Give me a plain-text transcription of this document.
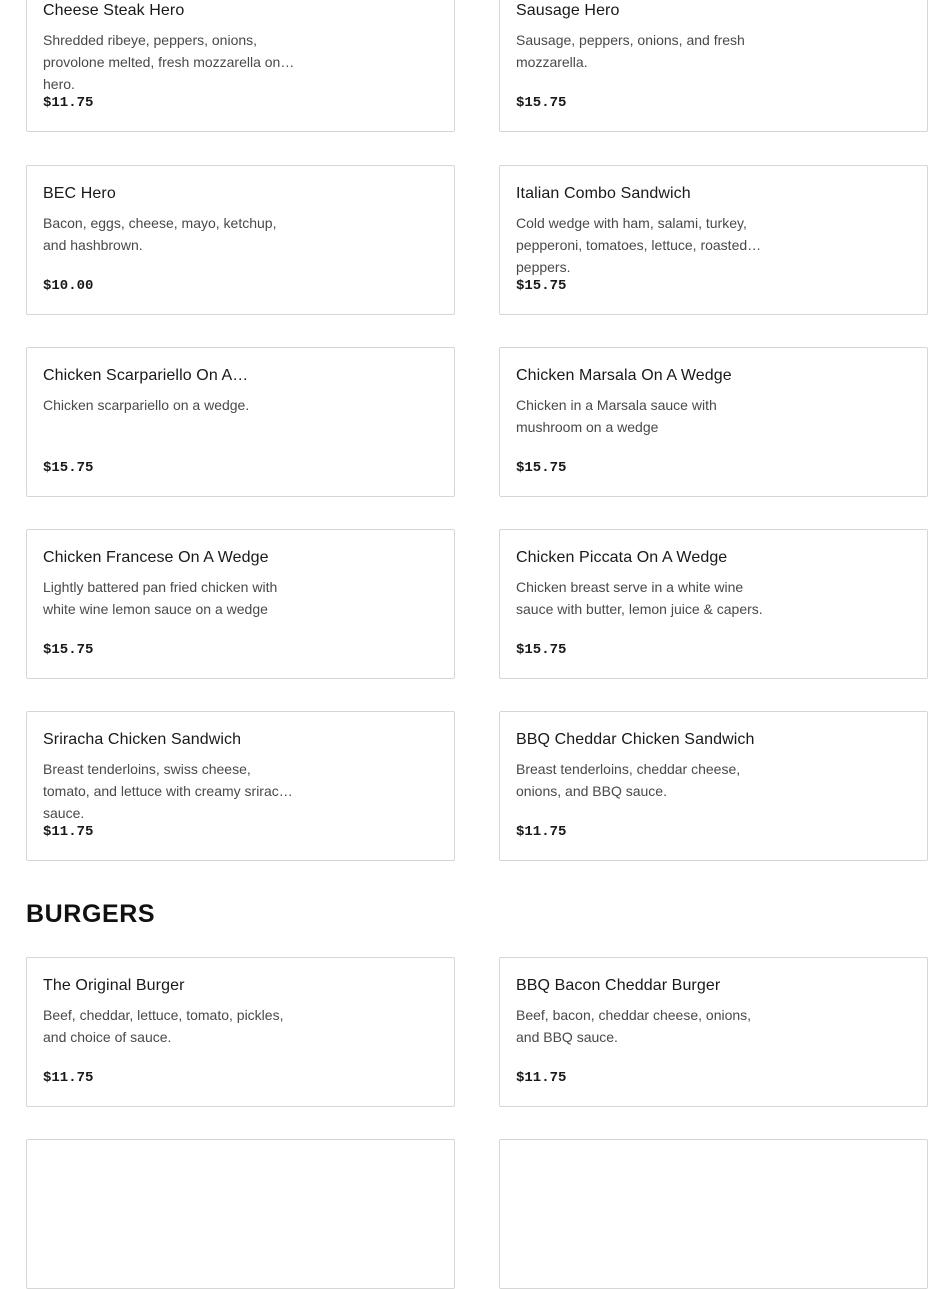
Cheese Steak Hero
Shredded ribeye, peppers, onions, provolone melted, fresh mozzarella on a hero.
$11.75
Sausage Hero
Sausage, peppers, onions, and fresh mozzarella.
$15.75
BEC Hero
Bacon, eggs, cheese, mayo, ketchup, and hashbrown.
$10.00
Italian Combo Sandwich
Cold wedge with ham, salami, turkey, pepperoni, tomatoes, lettuce, roasted peppers.
$15.75
Chicken Scarpariello On A…
Chicken scarpariello on a wedge.
$15.75
Chicken Marsala On A Wedge
Chicken in a Marsala sauce with mushroom on a wedge
$15.75
Chicken Francese On A Wedge
Lightly battered pan fried chicken with white wine lemon sauce on a wedge
$15.75
Chicken Piccata On A Wedge
Chicken breast serve in a white wine sauce with butter, lemon juice & capers.
$15.75
Sriracha Chicken Sandwich
Breast tenderloins, swiss cheese, tomato, and lettuce with creamy sriracha sauce.
$11.75
BBQ Cheddar Chicken Sandwich
Breast tenderloins, cheddar cheese, onions, and BBQ sauce.
$11.75
BURGERS
The Original Burger
Beef, cheddar, lettuce, tomato, pickles, and choice of sauce.
$11.75
BBQ Bacon Cheddar Burger
Beef, bacon, cheddar cheese, onions, and BBQ sauce.
$11.75
